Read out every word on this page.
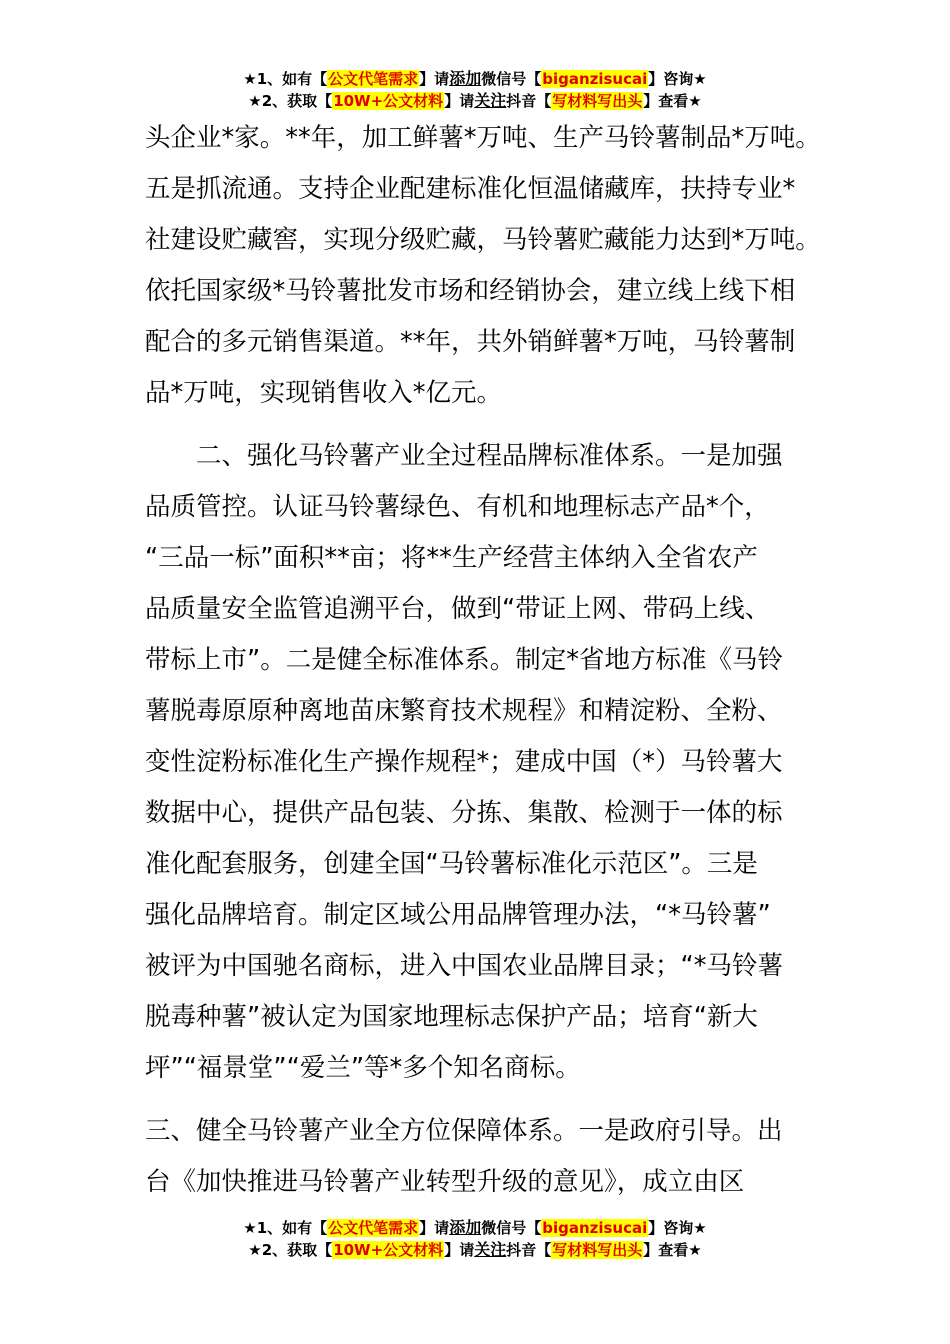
★1、如有【公文代笔需求】请添加微信号【biganzisucai】咨询★
★2、获取【10W+公文材料】请关注抖音【写材料写出头】查看★

头企业*家。**年，加工鲜薯*万吨、生产马铃薯制品*万吨。

五是抓流通。支持企业配建标准化恒温储藏库，扶持专业*

社建设贮藏窖，实现分级贮藏，马铃薯贮藏能力达到*万吨。

依托国家级*马铃薯批发市场和经销协会，建立线上线下相

配合的多元销售渠道。**年，共外销鲜薯*万吨，马铃薯制

品*万吨，实现销售收入*亿元。

二、强化马铃薯产业全过程品牌标准体系。一是加强

品质管控。认证马铃薯绿色、有机和地理标志产品*个，

“三品一标”面积**亩；将**生产经营主体纳入全省农产

品质量安全监管追溯平台，做到“带证上网、带码上线、

带标上市”。二是健全标准体系。制定*省地方标准《马铃

薯脱毒原原种离地苗床繁育技术规程》和精淀粉、全粉、

变性淀粉标准化生产操作规程*；建成中国（*）马铃薯大

数据中心，提供产品包装、分拣、集散、检测于一体的标

准化配套服务，创建全国“马铃薯标准化示范区”。三是

强化品牌培育。制定区域公用品牌管理办法，“*马铃薯”

被评为中国驰名商标，进入中国农业品牌目录；“*马铃薯

脱毒种薯”被认定为国家地理标志保护产品；培育“新大

坪”“福景堂”“爱兰”等*多个知名商标。

三、健全马铃薯产业全方位保障体系。一是政府引导。出

台《加快推进马铃薯产业转型升级的意见》，成立由区

★1、如有【公文代笔需求】请添加微信号【biganzisucai】咨询★
★2、获取【10W+公文材料】请关注抖音【写材料写出头】查看★
